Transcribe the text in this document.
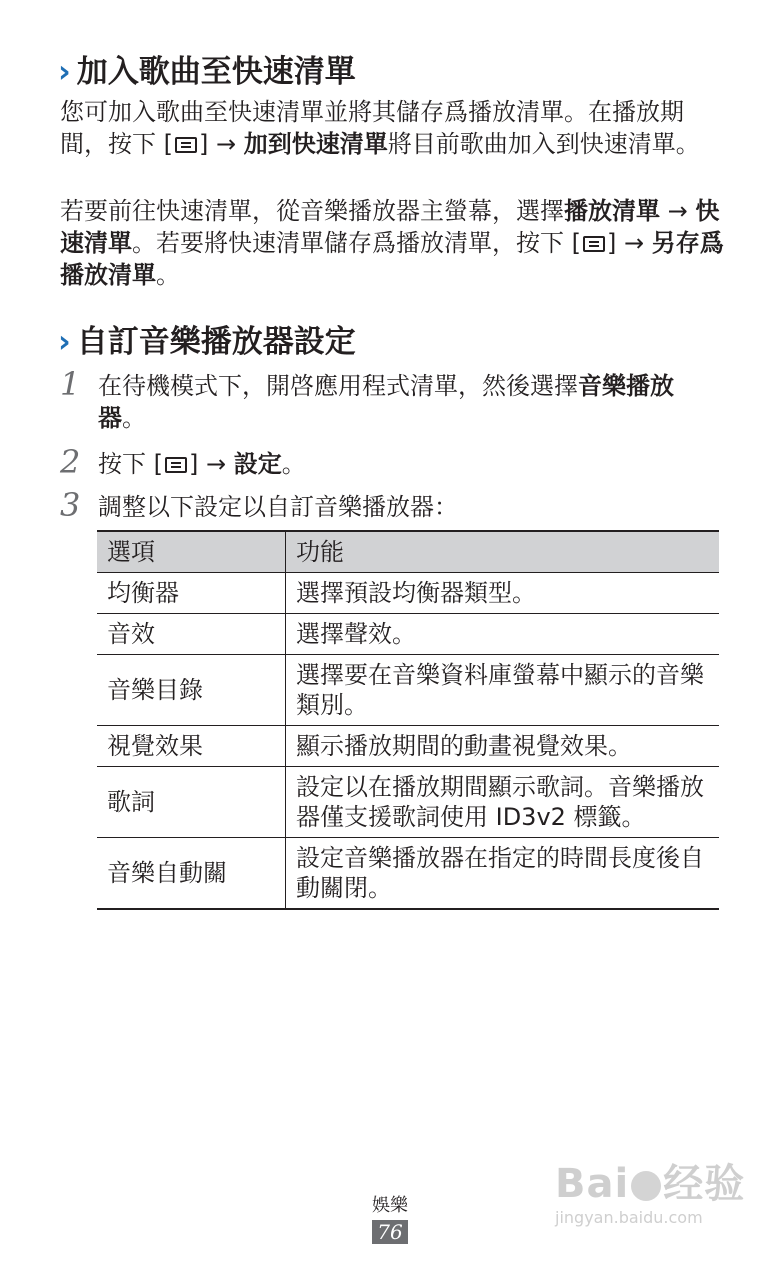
› 加入歌曲至快速清單

您可加入歌曲至快速清單並將其儲存爲播放清單。在播放期間，按下 [ ] → 加到快速清單將目前歌曲加入到快速清單。

若要前往快速清單，從音樂播放器主螢幕，選擇播放清單 → 快速清單。若要將快速清單儲存爲播放清單，按下 [ ] → 另存爲播放清單。

› 自訂音樂播放器設定
1 在待機模式下，開啓應用程式清單，然後選擇音樂播放器。
2 按下 [ ] → 設定。
3 調整以下設定以自訂音樂播放器：
選項	功能
均衡器	選擇預設均衡器類型。
音效	選擇聲效。
音樂目錄	選擇要在音樂資料庫螢幕中顯示的音樂類別。
視覺效果	顯示播放期間的動畫視覺效果。
歌詞	設定以在播放期間顯示歌詞。音樂播放器僅支援歌詞使用 ID3v2 標籤。
音樂自動關	設定音樂播放器在指定的時間長度後自動關閉。
娛樂
76
Bai 经验
jingyan.baidu.com
